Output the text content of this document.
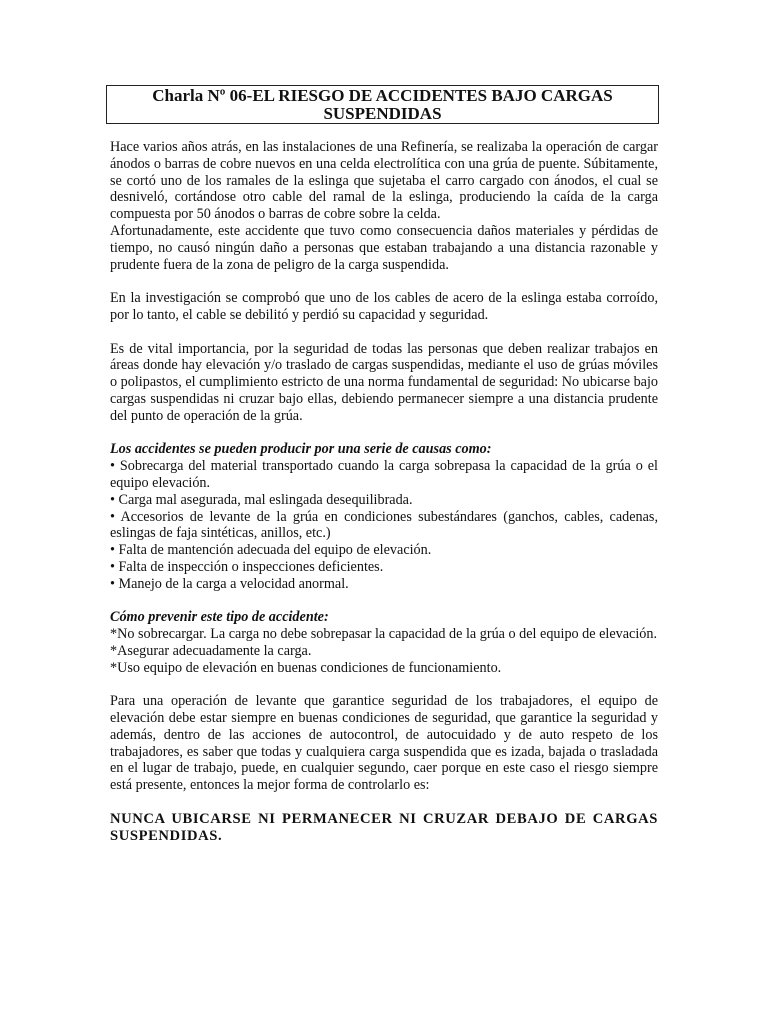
Charla Nº 06-EL RIESGO DE ACCIDENTES BAJO CARGAS
SUSPENDIDAS

Hace varios años atrás, en las instalaciones de una Refinería, se realizaba la operación de cargar ánodos o barras de cobre nuevos en una celda electrolítica con una grúa de puente. Súbitamente, se cortó uno de los ramales de la eslinga que sujetaba el carro cargado con ánodos, el cual se desniveló, cortándose otro cable del ramal de la eslinga, produciendo la caída de la carga compuesta por 50 ánodos o barras de cobre sobre la celda.

Afortunadamente, este accidente que tuvo como consecuencia daños materiales y pérdidas de tiempo, no causó ningún daño a personas que estaban trabajando a una distancia razonable y prudente fuera de la zona de peligro de la carga suspendida.

En la investigación se comprobó que uno de los cables de acero de la eslinga estaba corroído, por lo tanto, el cable se debilitó y perdió su capacidad y seguridad.

Es de vital importancia, por la seguridad de todas las personas que deben realizar trabajos en áreas donde hay elevación y/o traslado de cargas suspendidas, mediante el uso de grúas móviles o polipastos, el cumplimiento estricto de una norma fundamental de seguridad: No ubicarse bajo cargas suspendidas ni cruzar bajo ellas, debiendo permanecer siempre a una distancia prudente del punto de operación de la grúa.

Los accidentes se pueden producir por una serie de causas como:

• Sobrecarga del material transportado cuando la carga sobrepasa la capacidad de la grúa o el equipo elevación.

• Carga mal asegurada, mal eslingada desequilibrada.

• Accesorios de levante de la grúa en condiciones subestándares (ganchos, cables, cadenas, eslingas de faja sintéticas, anillos, etc.)

• Falta de mantención adecuada del equipo de elevación.

• Falta de inspección o inspecciones deficientes.

• Manejo de la carga a velocidad anormal.

Cómo prevenir este tipo de accidente:

*No sobrecargar. La carga no debe sobrepasar la capacidad de la grúa o del equipo de elevación.

*Asegurar adecuadamente la carga.

*Uso equipo de elevación en buenas condiciones de funcionamiento.

Para una operación de levante que garantice seguridad de los trabajadores, el equipo de elevación debe estar siempre en buenas condiciones de seguridad, que garantice la seguridad y además, dentro de las acciones de autocontrol, de autocuidado y de auto respeto de los trabajadores, es saber que todas y cualquiera carga suspendida que es izada, bajada o trasladada en el lugar de trabajo, puede, en cualquier segundo, caer porque en este caso el riesgo siempre está presente, entonces la mejor forma de controlarlo es:

NUNCA UBICARSE NI PERMANECER NI CRUZAR DEBAJO DE CARGAS SUSPENDIDAS.
